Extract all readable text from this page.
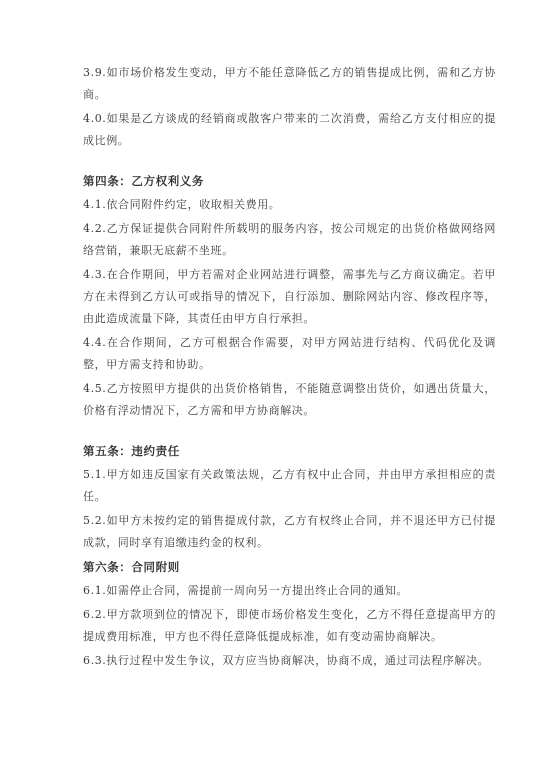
3.9.如市场价格发生变动，甲方不能任意降低乙方的销售提成比例，需和乙方协商。

4.0.如果是乙方谈成的经销商或散客户带来的二次消费，需给乙方支付相应的提成比例。

第四条：乙方权利义务

4.1.依合同附件约定，收取相关费用。

4.2.乙方保证提供合同附件所载明的服务内容，按公司规定的出货价格做网络网络营销，兼职无底薪不坐班。

4.3.在合作期间，甲方若需对企业网站进行调整，需事先与乙方商议确定。若甲方在未得到乙方认可或指导的情况下，自行添加、删除网站内容、修改程序等，由此造成流量下降，其责任由甲方自行承担。

4.4.在合作期间，乙方可根据合作需要，对甲方网站进行结构、代码优化及调整，甲方需支持和协助。

4.5.乙方按照甲方提供的出货价格销售，不能随意调整出货价，如遇出货量大，价格有浮动情况下，乙方需和甲方协商解决。

第五条：违约责任

5.1.甲方如违反国家有关政策法规，乙方有权中止合同，并由甲方承担相应的责任。

5.2.如甲方未按约定的销售提成付款，乙方有权终止合同，并不退还甲方已付提成款，同时享有追缴违约金的权利。

第六条：合同附则

6.1.如需停止合同，需提前一周向另一方提出终止合同的通知。

6.2.甲方款项到位的情况下，即使市场价格发生变化，乙方不得任意提高甲方的提成费用标准，甲方也不得任意降低提成标准，如有变动需协商解决。

6.3.执行过程中发生争议，双方应当协商解决，协商不成，通过司法程序解决。
